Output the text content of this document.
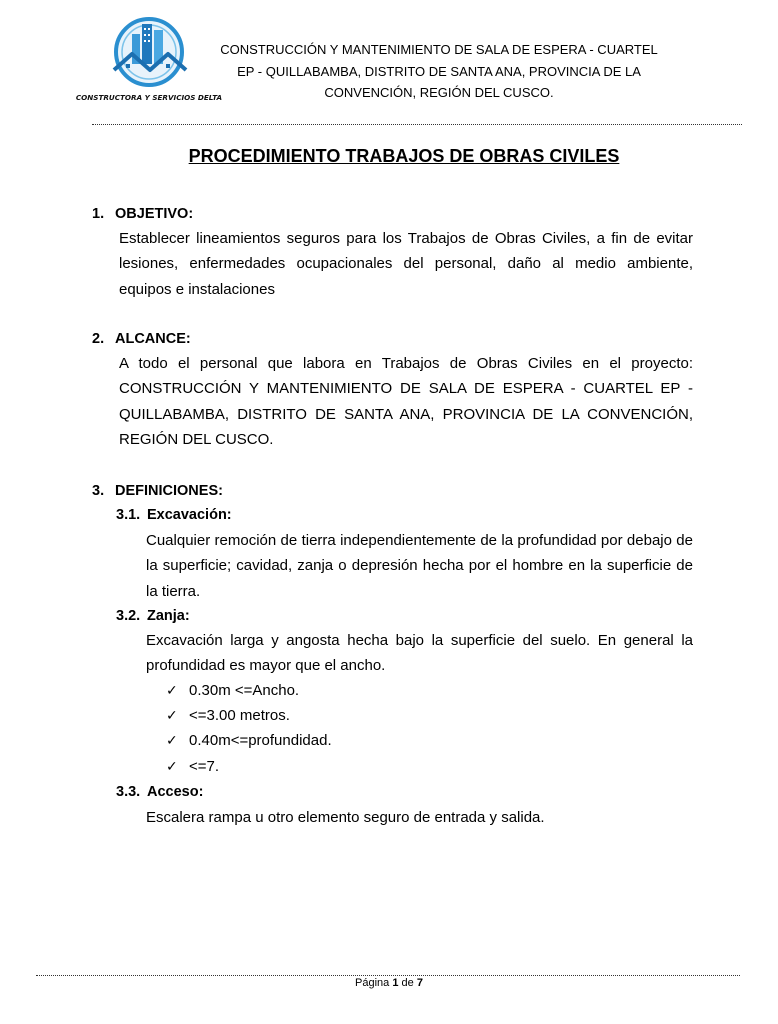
CONSTRUCTORA Y SERVICIOS DELTA
CONSTRUCCIÓN Y MANTENIMIENTO DE SALA DE ESPERA - CUARTEL
EP - QUILLABAMBA, DISTRITO DE SANTA ANA, PROVINCIA DE LA
CONVENCIÓN, REGIÓN DEL CUSCO.
PROCEDIMIENTO TRABAJOS DE OBRAS CIVILES
1. OBJETIVO:
Establecer lineamientos seguros para los Trabajos de Obras Civiles, a fin de evitar lesiones, enfermedades ocupacionales del personal, daño al medio ambiente, equipos e instalaciones
2. ALCANCE:
A todo el personal que labora en Trabajos de Obras Civiles en el proyecto: CONSTRUCCIÓN Y MANTENIMIENTO DE SALA DE ESPERA - CUARTEL EP - QUILLABAMBA, DISTRITO DE SANTA ANA, PROVINCIA DE LA CONVENCIÓN, REGIÓN DEL CUSCO.
3. DEFINICIONES:
3.1. Excavación:
Cualquier remoción de tierra independientemente de la profundidad por debajo de la superficie; cavidad, zanja o depresión hecha por el hombre en la superficie de la tierra.
3.2. Zanja:
Excavación larga y angosta hecha bajo la superficie del suelo. En general la profundidad es mayor que el ancho.
✓ 0.30m <=Ancho.
✓ <=3.00 metros.
✓ 0.40m<=profundidad.
✓ <=7.
3.3. Acceso:
Escalera rampa u otro elemento seguro de entrada y salida.
Página 1 de 7
